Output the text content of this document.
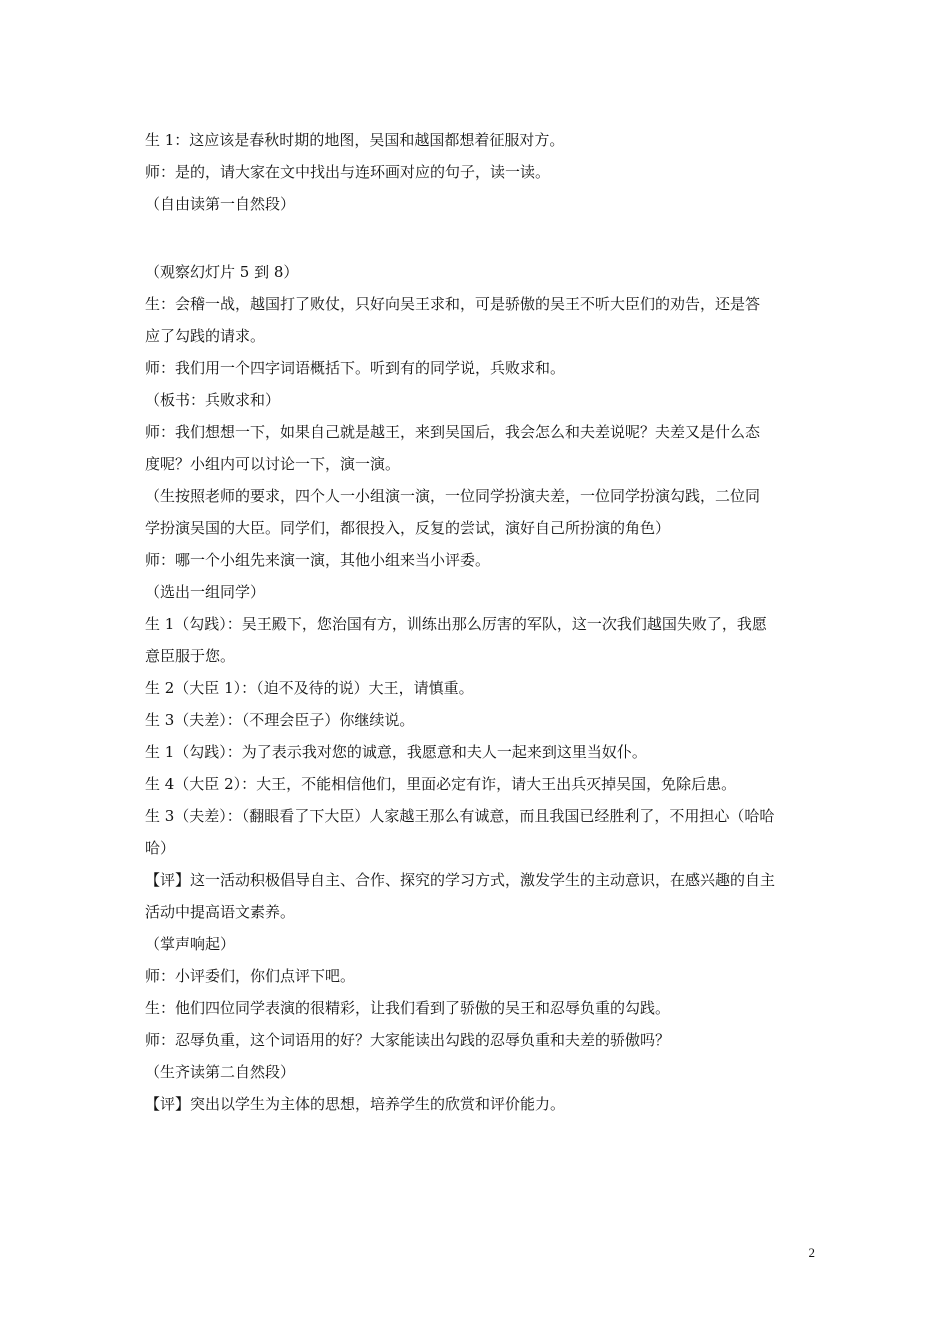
生 1：这应该是春秋时期的地图，吴国和越国都想着征服对方。
师：是的，请大家在文中找出与连环画对应的句子，读一读。
（自由读第一自然段）
（观察幻灯片 5 到 8）
生：会稽一战，越国打了败仗，只好向吴王求和，可是骄傲的吴王不听大臣们的劝告，还是答
应了勾践的请求。
师：我们用一个四字词语概括下。听到有的同学说，兵败求和。
（板书：兵败求和）
师：我们想想一下，如果自己就是越王，来到吴国后，我会怎么和夫差说呢？夫差又是什么态
度呢？小组内可以讨论一下，演一演。
（生按照老师的要求，四个人一小组演一演，一位同学扮演夫差，一位同学扮演勾践，二位同
学扮演吴国的大臣。同学们，都很投入，反复的尝试，演好自己所扮演的角色）
师：哪一个小组先来演一演，其他小组来当小评委。
（选出一组同学）
生 1（勾践）：吴王殿下，您治国有方，训练出那么厉害的军队，这一次我们越国失败了，我愿
意臣服于您。
生 2（大臣 1）：（迫不及待的说）大王，请慎重。
生 3（夫差）：（不理会臣子）你继续说。
生 1（勾践）：为了表示我对您的诚意，我愿意和夫人一起来到这里当奴仆。
生 4（大臣 2）：大王，不能相信他们，里面必定有诈，请大王出兵灭掉吴国，免除后患。
生 3（夫差）：（翻眼看了下大臣）人家越王那么有诚意，而且我国已经胜利了，不用担心（哈哈
哈）
【评】这一活动积极倡导自主、合作、探究的学习方式，激发学生的主动意识，在感兴趣的自主
活动中提高语文素养。
（掌声响起）
师：小评委们，你们点评下吧。
生：他们四位同学表演的很精彩，让我们看到了骄傲的吴王和忍辱负重的勾践。
师：忍辱负重，这个词语用的好？大家能读出勾践的忍辱负重和夫差的骄傲吗？
（生齐读第二自然段）
【评】突出以学生为主体的思想，培养学生的欣赏和评价能力。
2
